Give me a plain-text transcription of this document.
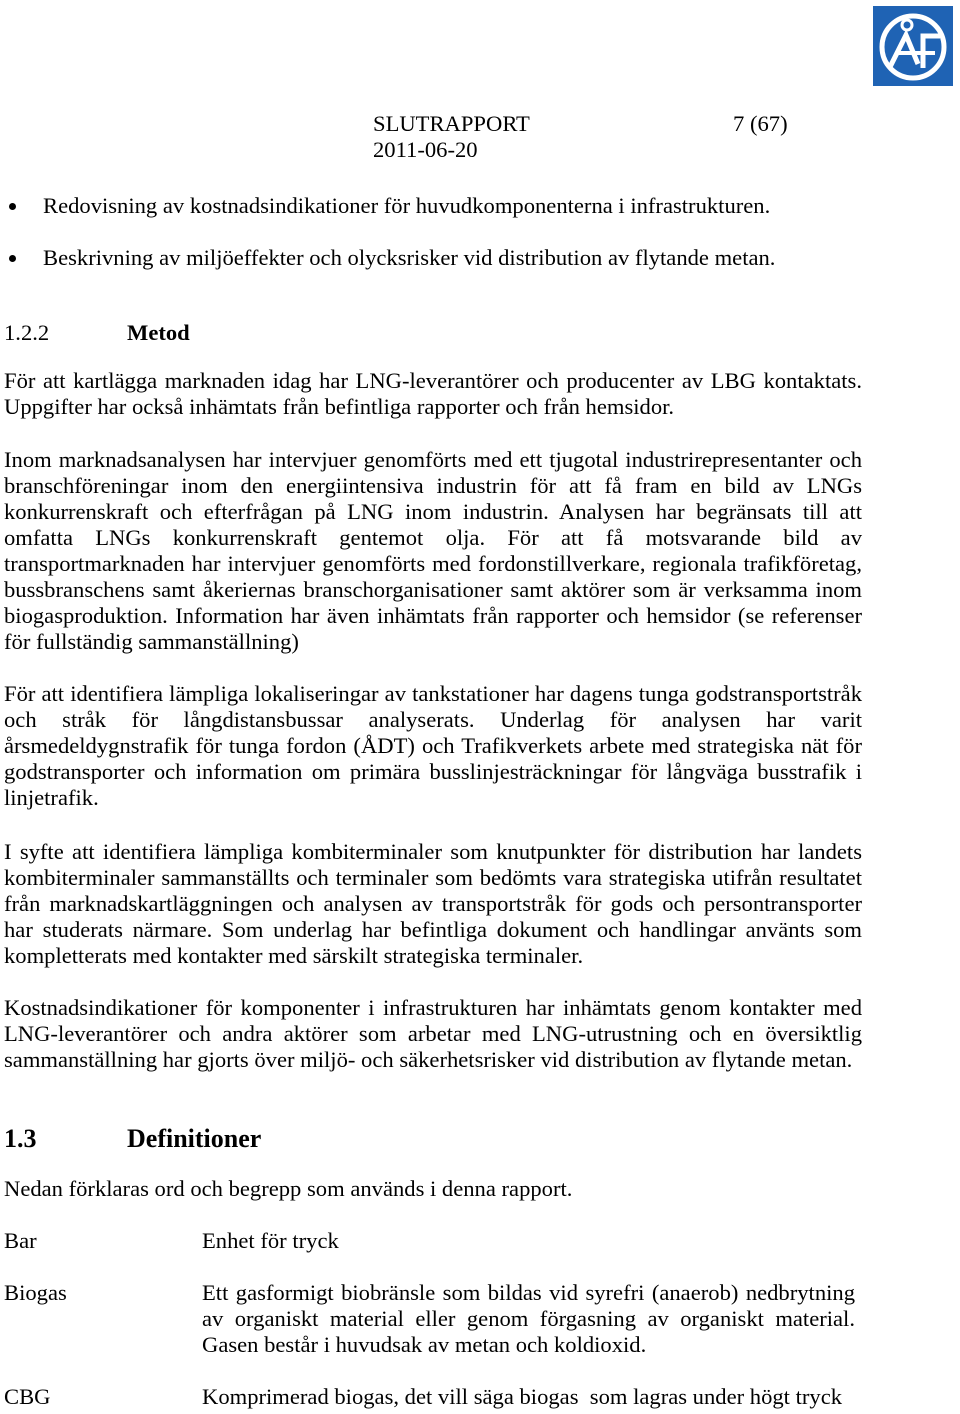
SLUTRAPPORT	7 (67)
2011-06-20
Redovisning av kostnadsindikationer för huvudkomponenterna i infrastrukturen.
Beskrivning av miljöeffekter och olycksrisker vid distribution av flytande metan.
1.2.2	Metod
För att kartlägga marknaden idag har LNG-leverantörer och producenter av LBG kontaktats.
Uppgifter har också inhämtats från befintliga rapporter och från hemsidor.
Inom marknadsanalysen har intervjuer genomförts med ett tjugotal industrirepresentanter och
branschföreningar inom den energiintensiva industrin för att få fram en bild av LNGs
konkurrenskraft och efterfrågan på LNG inom industrin. Analysen har begränsats till att
omfatta LNGs konkurrenskraft gentemot olja. För att få motsvarande bild av
transportmarknaden har intervjuer genomförts med fordonstillverkare, regionala trafikföretag,
bussbranschens samt åkeriernas branschorganisationer samt aktörer som är verksamma inom
biogasproduktion. Information har även inhämtats från rapporter och hemsidor (se referenser
för fullständig sammanställning)
För att identifiera lämpliga lokaliseringar av tankstationer har dagens tunga godstransportstråk
och stråk för långdistansbussar analyserats. Underlag för analysen har varit
årsmedeldygnstrafik för tunga fordon (ÅDT) och Trafikverkets arbete med strategiska nät för
godstransporter och information om primära busslinjesträckningar för långväga busstrafik i
linjetrafik.
I syfte att identifiera lämpliga kombiterminaler som knutpunkter för distribution har landets
kombiterminaler sammanställts och terminaler som bedömts vara strategiska utifrån resultatet
från marknadskartläggningen och analysen av transportstråk för gods och persontransporter
har studerats närmare. Som underlag har befintliga dokument och handlingar använts som
kompletterats med kontakter med särskilt strategiska terminaler.
Kostnadsindikationer för komponenter i infrastrukturen har inhämtats genom kontakter med
LNG-leverantörer och andra aktörer som arbetar med LNG-utrustning och en översiktlig
sammanställning har gjorts över miljö- och säkerhetsrisker vid distribution av flytande metan.
1.3	Definitioner
Nedan förklaras ord och begrepp som används i denna rapport.
Bar	Enhet för tryck
Biogas	Ett gasformigt biobränsle som bildas vid syrefri (anaerob) nedbrytning
av organiskt material eller genom förgasning av organiskt material.
Gasen består i huvudsak av metan och koldioxid.
CBG	Komprimerad biogas, det vill säga biogas  som lagras under högt tryck
